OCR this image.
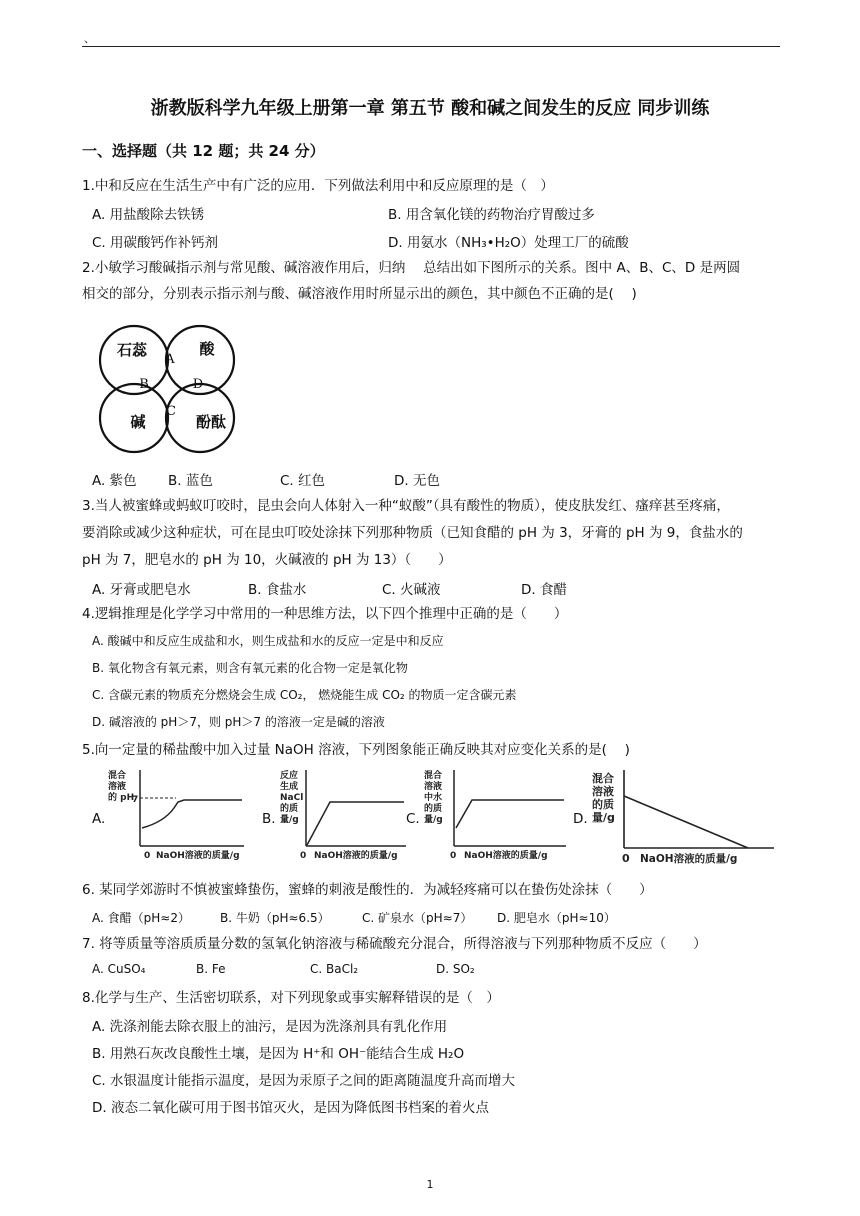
、
浙教版科学九年级上册第一章 第五节 酸和碱之间发生的反应 同步训练
一、选择题（共 12 题；共 24 分）
1.中和反应在生活生产中有广泛的应用．下列做法利用中和反应原理的是（　）
A. 用盐酸除去铁锈	B. 用含氧化镁的药物治疗胃酸过多
C. 用碳酸钙作补钙剂	D. 用氨水（NH₃•H₂O）处理工厂的硫酸
2.小敏学习酸碱指示剂与常见酸、碱溶液作用后，归纳　 总结出如下图所示的关系。图中 A、B、C、D 是两圆
相交的部分，分别表示指示剂与酸、碱溶液作用时所显示出的颜色，其中颜色不正确的是(　 )
石蕊	酸
碱	酚酞
A
B	D
C
A. 紫色 B. 蓝色	C. 红色	D. 无色
3.当人被蜜蜂或蚂蚁叮咬时，昆虫会向人体射入一种“蚁酸”（具有酸性的物质），使皮肤发红、瘙痒甚至疼痛，
要消除或减少这种症状，可在昆虫叮咬处涂抹下列那种物质（已知食醋的 pH 为 3，牙膏的 pH 为 9，食盐水的
pH 为 7，肥皂水的 pH 为 10，火碱液的 pH 为 13）（　　）
A. 牙膏或肥皂水	B. 食盐水	C. 火碱液	D. 食醋
4.逻辑推理是化学学习中常用的一种思维方法，以下四个推理中正确的是（　　）
A. 酸碱中和反应生成盐和水，则生成盐和水的反应一定是中和反应
B. 氧化物含有氧元素，则含有氧元素的化合物一定是氧化物
C. 含碳元素的物质充分燃烧会生成 CO₂， 燃烧能生成 CO₂ 的物质一定含碳元素
D. 碱溶液的 pH＞7，则 pH＞7 的溶液一定是碱的溶液
5.向一定量的稀盐酸中加入过量 NaOH 溶液，下列图象能正确反映其对应变化关系的是(　 )
A.
混合
溶液
的 pH
7
0 NaOH溶液的质量/g
B.
反应
生成
NaCl
的质
量/g
0 NaOH溶液的质量/g
C.
混合
溶液
中水
的质
量/g
0 NaOH溶液的质量/g
D.
混合
溶液
的质
量/g
0 NaOH溶液的质量/g
6. 某同学郊游时不慎被蜜蜂蛰伤，蜜蜂的刺液是酸性的．为减轻疼痛可以在蛰伤处涂抹（　　）
A. 食醋（pH≈2）	B. 牛奶（pH≈6.5）	C. 矿泉水（pH≈7） D. 肥皂水（pH≈10）
7. 将等质量等溶质质量分数的氢氧化钠溶液与稀硫酸充分混合，所得溶液与下列那种物质不反应（　　）
A. CuSO₄	B. Fe	C. BaCl₂	D. SO₂
8.化学与生产、生活密切联系，对下列现象或事实解释错误的是（　）
A. 洗涤剂能去除衣服上的油污，是因为洗涤剂具有乳化作用
B. 用熟石灰改良酸性土壤，是因为 H⁺和 OH⁻能结合生成 H₂O
C. 水银温度计能指示温度，是因为汞原子之间的距离随温度升高而增大
D. 液态二氧化碳可用于图书馆灭火，是因为降低图书档案的着火点
1
